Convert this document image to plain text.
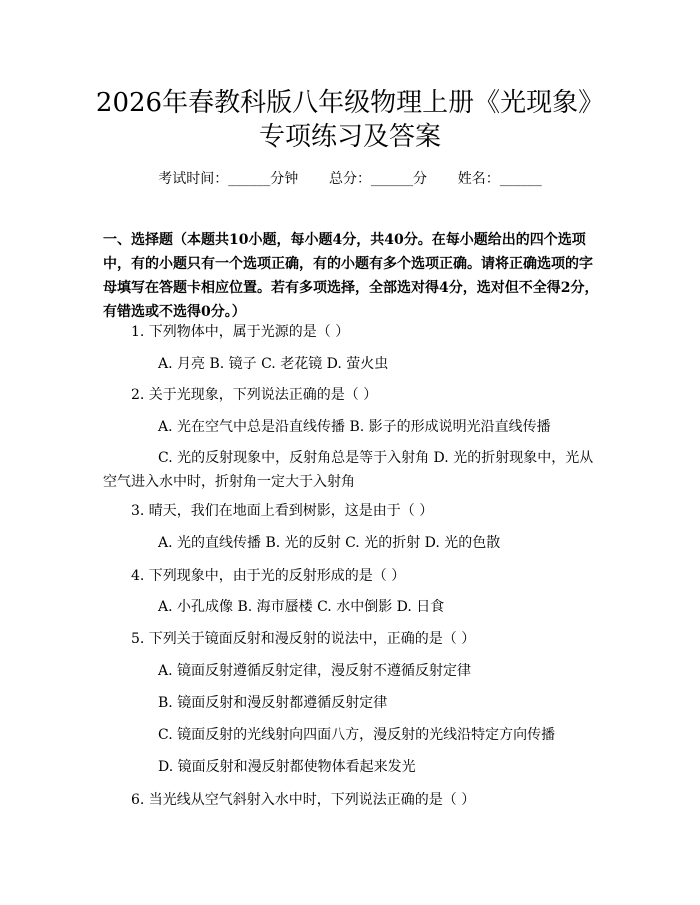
2026年春教科版八年级物理上册《光现象》
专项练习及答案
考试时间：______分钟 总分：______分 姓名：______
一、选择题（本题共10小题，每小题4分，共40分。在每小题给出的四个选项中，有的小题只有一个选项正确，有的小题有多个选项正确。请将正确选项的字母填写在答题卡相应位置。若有多项选择，全部选对得4分，选对但不全得2分，有错选或不选得0分。）
1. 下列物体中，属于光源的是（ ）
A. 月亮 B. 镜子 C. 老花镜 D. 萤火虫
2. 关于光现象，下列说法正确的是（ ）
A. 光在空气中总是沿直线传播 B. 影子的形成说明光沿直线传播
C. 光的反射现象中，反射角总是等于入射角 D. 光的折射现象中，光从空气进入水中时，折射角一定大于入射角
3. 晴天，我们在地面上看到树影，这是由于（ ）
A. 光的直线传播 B. 光的反射 C. 光的折射 D. 光的色散
4. 下列现象中，由于光的反射形成的是（ ）
A. 小孔成像 B. 海市蜃楼 C. 水中倒影 D. 日食
5. 下列关于镜面反射和漫反射的说法中，正确的是（ ）
A. 镜面反射遵循反射定律，漫反射不遵循反射定律
B. 镜面反射和漫反射都遵循反射定律
C. 镜面反射的光线射向四面八方，漫反射的光线沿特定方向传播
D. 镜面反射和漫反射都使物体看起来发光
6. 当光线从空气斜射入水中时，下列说法正确的是（ ）
